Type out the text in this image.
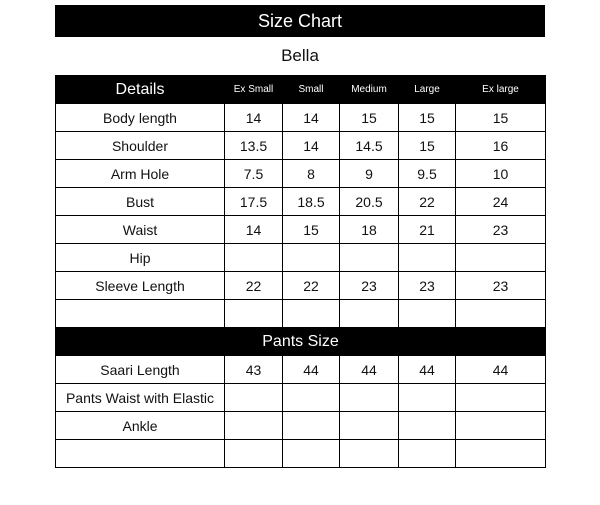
Size Chart
Bella
Details	Ex Small	Small	Medium	Large	Ex large
Body length	14	14	15	15	15
Shoulder	13.5	14	14.5	15	16
Arm Hole	7.5	8	9	9.5	10
Bust	17.5	18.5	20.5	22	24
Waist	14	15	18	21	23
Hip					
Sleeve Length	22	22	23	23	23

Pants Size					
Saari Length	43	44	44	44	44
Pants Waist with Elastic					
Ankle					
